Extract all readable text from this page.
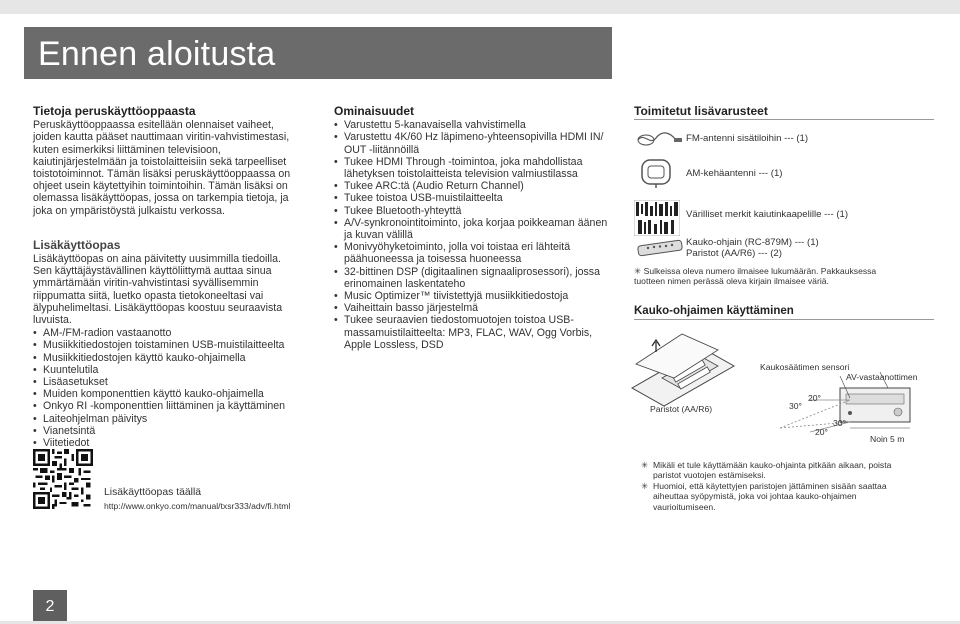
Ennen aloitusta
Tietoja peruskäyttöoppaasta

Peruskäyttöoppaassa esitellään olennaiset vaiheet, joiden kautta pääset nauttimaan viritin-vahvistimestasi, kuten esimerkiksi liittäminen televisioon, kaiutinjärjestelmään ja toistolaitteisiin sekä tarpeelliset toistotoiminnot. Tämän lisäksi peruskäyttöoppaassa on ohjeet usein käytettyihin toimintoihin. Tämän lisäksi on olemassa lisäkäyttöopas, jossa on tarkempia tietoja, ja joka on ympäristöystä julkaistu verkossa.

Lisäkäyttöopas

Lisäkäyttöopas on aina päivitetty uusimmilla tiedoilla. Sen käyttäjäystävällinen käyttöliittymä auttaa sinua ymmärtämään viritin-vahvistintasi syvällisemmin riippumatta siitä, luetko opasta tietokoneeltasi vai älypuhelimeltasi. Lisäkäyttöopas koostuu seuraavista luvuista.

• AM-/FM-radion vastaanotto
• Musiikkitiedostojen toistaminen USB-muistilaitteelta
• Musiikkitiedostojen käyttö kauko-ohjaimella
• Kuuntelutila
• Lisäasetukset
• Muiden komponenttien käyttö kauko-ohjaimella
• Onkyo RI -komponenttien liittäminen ja käyttäminen
• Laiteohjelman päivitys
• Vianetsintä
• Viitetiedot
Lisäkäyttöopas täällä
http://www.onkyo.com/manual/txsr333/adv/fi.html
Ominaisuudet
• Varustettu 5-kanavaisella vahvistimella
• Varustettu 4K/60 Hz läpimeno-yhteensopivilla HDMI IN/ OUT -liitännöillä
• Tukee HDMI Through -toimintoa, joka mahdollistaa lähetyksen toistolaitteista television valmiustilassa
• Tukee ARC:tä (Audio Return Channel)
• Tukee toistoa USB-muistilaitteelta
• Tukee Bluetooth-yhteyttä
• A/V-synkronointitoiminto, joka korjaa poikkeaman äänen ja kuvan välillä
• Monivyöhyketoiminto, jolla voi toistaa eri lähteitä päähuoneessa ja toisessa huoneessa
• 32-bittinen DSP (digitaalinen signaaliprosessori), jossa erinomainen laskentateho
• Music Optimizer™ tiivistettyjä musiikkitiedostoja
• Vaiheittain basso järjestelmä
• Tukee seuraavien tiedostomuotojen toistoa USB-massamuistilaitteelta: MP3, FLAC, WAV, Ogg Vorbis, Apple Lossless, DSD
Toimitetut lisävarusteet
FM-antenni sisätiloihin --- (1)
AM-kehäantenni --- (1)
Värilliset merkit kaiutinkaapelille --- (1)
Kauko-ohjain (RC-879M) --- (1)
Paristot (AA/R6) --- (2)
✳ Sulkeissa oleva numero ilmaisee lukumäärän. Pakkauksessa tuotteen nimen perässä oleva kirjain ilmaisee väriä.
Kauko-ohjaimen käyttäminen
Paristot (AA/R6)
Kaukosäätimen sensori
AV-vastaanottimen
30°
20°
30°
20°
Noin 5 m
✳ Mikäli et tule käyttämään kauko-ohjainta pitkään aikaan, poista paristot vuotojen estämiseksi.
✳ Huomioi, että käytettyjen paristojen jättäminen sisään saattaa aiheuttaa syöpymistä, joka voi johtaa kauko-ohjaimen vaurioitumiseen.
2
